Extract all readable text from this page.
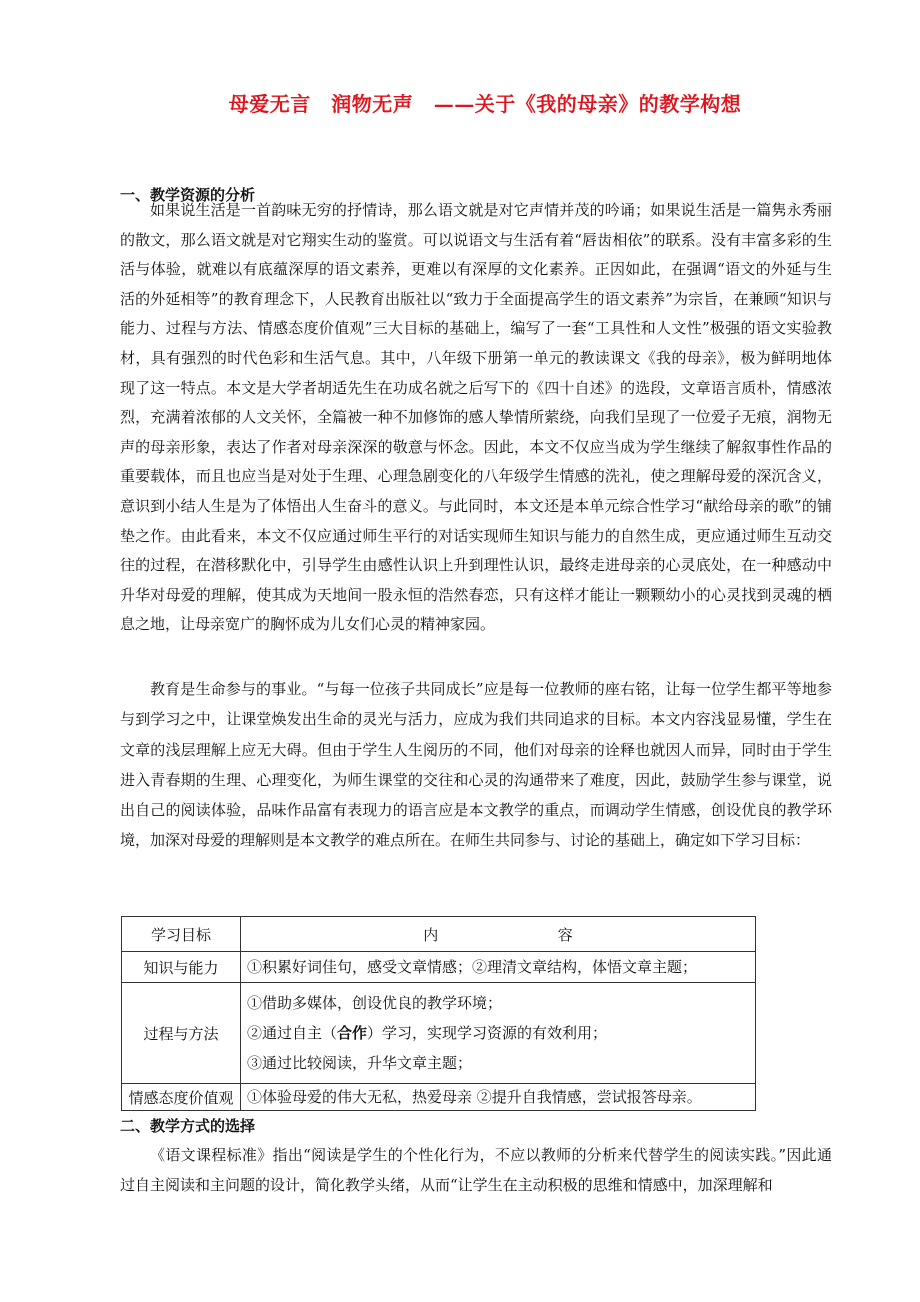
母爱无言　润物无声　——关于《我的母亲》的教学构想
一、教学资源的分析

如果说生活是一首韵味无穷的抒情诗，那么语文就是对它声情并茂的吟诵；如果说生活是一篇隽永秀丽的散文，那么语文就是对它翔实生动的鉴赏。可以说语文与生活有着“唇齿相依”的联系。没有丰富多彩的生活与体验，就难以有底蕴深厚的语文素养，更难以有深厚的文化素养。正因如此，在强调“语文的外延与生活的外延相等”的教育理念下，人民教育出版社以“致力于全面提高学生的语文素养”为宗旨，在兼顾“知识与能力、过程与方法、情感态度价值观”三大目标的基础上，编写了一套“工具性和人文性”极强的语文实验教材，具有强烈的时代色彩和生活气息。其中，八年级下册第一单元的教读课文《我的母亲》，极为鲜明地体现了这一特点。本文是大学者胡适先生在功成名就之后写下的《四十自述》的选段，文章语言质朴，情感浓烈，充满着浓郁的人文关怀，全篇被一种不加修饰的感人挚情所萦绕，向我们呈现了一位爱子无痕，润物无声的母亲形象，表达了作者对母亲深深的敬意与怀念。因此，本文不仅应当成为学生继续了解叙事性作品的重要载体，而且也应当是对处于生理、心理急剧变化的八年级学生情感的洗礼，使之理解母爱的深沉含义，意识到小结人生是为了体悟出人生奋斗的意义。与此同时，本文还是本单元综合性学习“献给母亲的歌”的铺垫之作。由此看来，本文不仅应通过师生平行的对话实现师生知识与能力的自然生成，更应通过师生互动交往的过程，在潜移默化中，引导学生由感性认识上升到理性认识，最终走进母亲的心灵底处，在一种感动中升华对母爱的理解，使其成为天地间一股永恒的浩然春恋，只有这样才能让一颗颗幼小的心灵找到灵魂的栖息之地，让母亲宽广的胸怀成为儿女们心灵的精神家园。

教育是生命参与的事业。“与每一位孩子共同成长”应是每一位教师的座右铭，让每一位学生都平等地参与到学习之中，让课堂焕发出生命的灵光与活力，应成为我们共同追求的目标。本文内容浅显易懂，学生在文章的浅层理解上应无大碍。但由于学生人生阅历的不同，他们对母亲的诠释也就因人而异，同时由于学生进入青春期的生理、心理变化，为师生课堂的交往和心灵的沟通带来了难度，因此，鼓励学生参与课堂，说出自己的阅读体验，品味作品富有表现力的语言应是本文教学的重点，而调动学生情感，创设优良的教学环境，加深对母爱的理解则是本文教学的难点所在。在师生共同参与、讨论的基础上，确定如下学习目标：

学习目标	内 容
知识与能力	①积累好词佳句，感受文章情感；②理清文章结构，体悟文章主题；

过程与方法	①借助多媒体，创设优良的教学环境；
②通过自主（合作）学习，实现学习资源的有效利用；
③通过比较阅读，升华文章主题；

情感态度价值观	①体验母爱的伟大无私，热爱母亲 ②提升自我情感，尝试报答母亲。
二、教学方式的选择

《语文课程标准》指出“阅读是学生的个性化行为，不应以教师的分析来代替学生的阅读实践。”因此通过自主阅读和主问题的设计，简化教学头绪，从而“让学生在主动积极的思维和情感中，加深理解和
